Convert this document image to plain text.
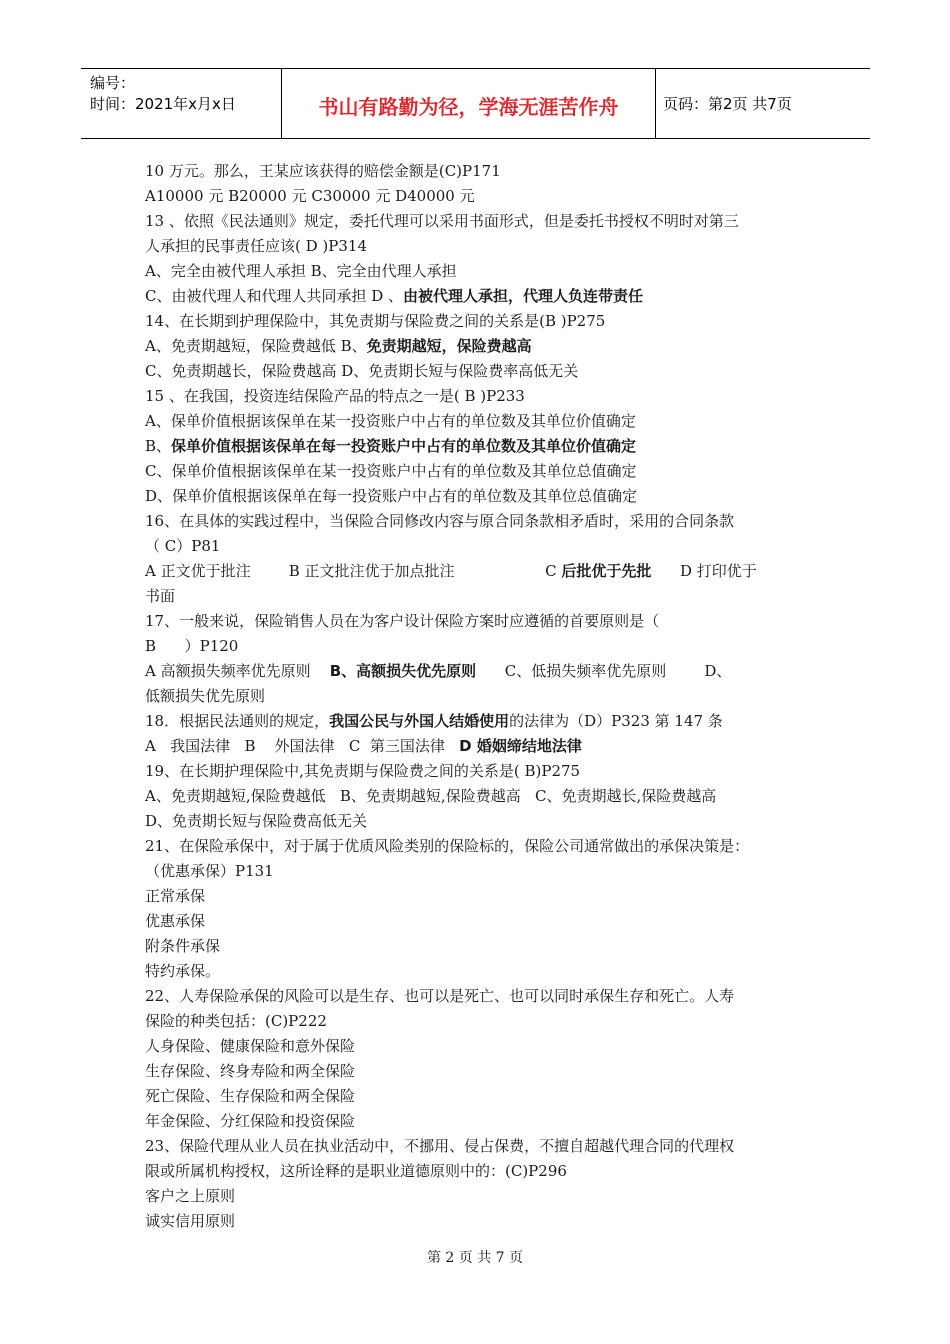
编号：
时间：2021年x月x日	书山有路勤为径，学海无涯苦作舟	页码：第2页 共7页
10 万元。那么，王某应该获得的赔偿金额是(C)P171
A10000 元 B20000 元 C30000 元 D40000 元
13 、依照《民法通则》规定，委托代理可以采用书面形式，但是委托书授权不明时对第三
人承担的民事责任应该( D )P314
A、完全由被代理人承担 B、完全由代理人承担
C、由被代理人和代理人共同承担 D 、由被代理人承担，代理人负连带责任
14、在长期到护理保险中，其免责期与保险费之间的关系是(B )P275
A、免责期越短，保险费越低 B、免责期越短，保险费越高
C、免责期越长，保险费越高 D、免责期长短与保险费率高低无关
15 、在我国，投资连结保险产品的特点之一是( B )P233
A、保单价值根据该保单在某一投资账户中占有的单位数及其单位价值确定
B、保单价值根据该保单在每一投资账户中占有的单位数及其单位价值确定
C、保单价值根据该保单在某一投资账户中占有的单位数及其单位总值确定
D、保单价值根据该保单在每一投资账户中占有的单位数及其单位总值确定
16、在具体的实践过程中，当保险合同修改内容与原合同条款相矛盾时，采用的合同条款
（ C）P81
A 正文优于批注        B 正文批注优于加点批注                   C 后批优于先批      D 打印优于
书面
17、一般来说，保险销售人员在为客户设计保险方案时应遵循的首要原则是（
B      ）P120
A 高额损失频率优先原则    B、高额损失优先原则      C、低损失频率优先原则        D、
低额损失优先原则
18．根据民法通则的规定，我国公民与外国人结婚使用的法律为（D）P323 第 147 条
A   我国法律   B    外国法律   C  第三国法律   D 婚姻缔结地法律
19、在长期护理保险中,其免责期与保险费之间的关系是( B)P275
A、免责期越短,保险费越低   B、免责期越短,保险费越高   C、免责期越长,保险费越高
D、免责期长短与保险费高低无关
21、在保险承保中，对于属于优质风险类别的保险标的，保险公司通常做出的承保决策是：
（优惠承保）P131
正常承保
优惠承保
附条件承保
特约承保。
22、人寿保险承保的风险可以是生存、也可以是死亡、也可以同时承保生存和死亡。人寿
保险的种类包括：(C)P222
人身保险、健康保险和意外保险
生存保险、终身寿险和两全保险
死亡保险、生存保险和两全保险
年金保险、分红保险和投资保险
23、保险代理从业人员在执业活动中，不挪用、侵占保费，不擅自超越代理合同的代理权
限或所属机构授权，这所诠释的是职业道德原则中的：(C)P296
客户之上原则
诚实信用原则
第 2 页 共 7 页
